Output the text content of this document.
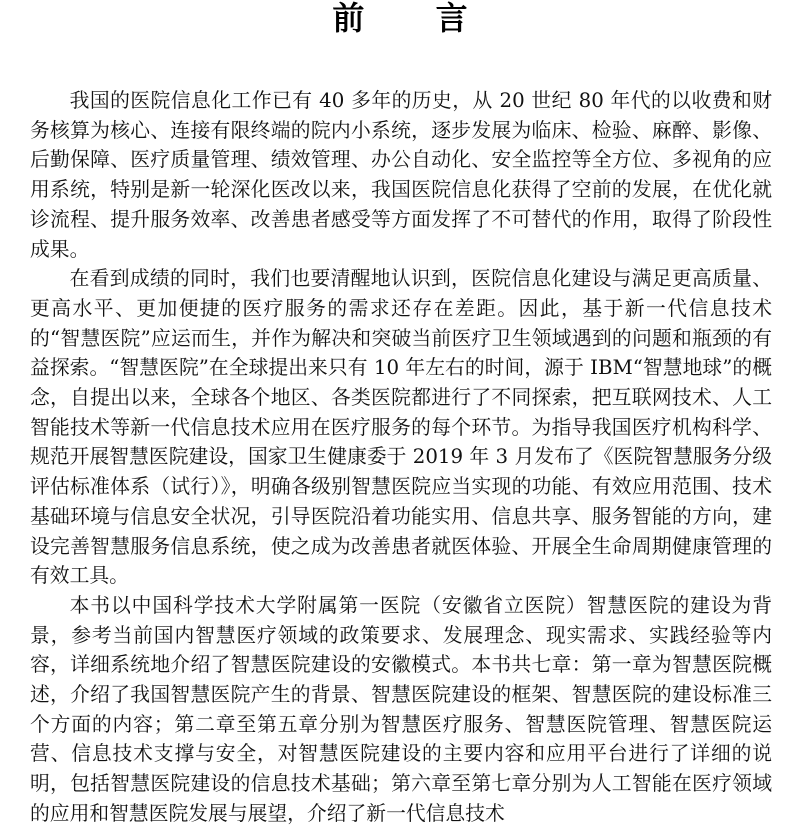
前 言

我国的医院信息化工作已有 40 多年的历史，从 20 世纪 80 年代的以收费和财务核算为核心、连接有限终端的院内小系统，逐步发展为临床、检验、麻醉、影像、后勤保障、医疗质量管理、绩效管理、办公自动化、安全监控等全方位、多视角的应用系统，特别是新一轮深化医改以来，我国医院信息化获得了空前的发展，在优化就诊流程、提升服务效率、改善患者感受等方面发挥了不可替代的作用，取得了阶段性成果。

在看到成绩的同时，我们也要清醒地认识到，医院信息化建设与满足更高质量、更高水平、更加便捷的医疗服务的需求还存在差距。因此，基于新一代信息技术的“智慧医院”应运而生，并作为解决和突破当前医疗卫生领域遇到的问题和瓶颈的有益探索。“智慧医院”在全球提出来只有 10 年左右的时间，源于 IBM“智慧地球”的概念，自提出以来，全球各个地区、各类医院都进行了不同探索，把互联网技术、人工智能技术等新一代信息技术应用在医疗服务的每个环节。为指导我国医疗机构科学、规范开展智慧医院建设，国家卫生健康委于 2019 年 3 月发布了《医院智慧服务分级评估标准体系（试行）》，明确各级别智慧医院应当实现的功能、有效应用范围、技术基础环境与信息安全状况，引导医院沿着功能实用、信息共享、服务智能的方向，建设完善智慧服务信息系统，使之成为改善患者就医体验、开展全生命周期健康管理的有效工具。

本书以中国科学技术大学附属第一医院（安徽省立医院）智慧医院的建设为背景，参考当前国内智慧医疗领域的政策要求、发展理念、现实需求、实践经验等内容，详细系统地介绍了智慧医院建设的安徽模式。本书共七章：第一章为智慧医院概述，介绍了我国智慧医院产生的背景、智慧医院建设的框架、智慧医院的建设标准三个方面的内容；第二章至第五章分别为智慧医疗服务、智慧医院管理、智慧医院运营、信息技术支撑与安全，对智慧医院建设的主要内容和应用平台进行了详细的说明，包括智慧医院建设的信息技术基础；第六章至第七章分别为人工智能在医疗领域的应用和智慧医院发展与展望，介绍了新一代信息技术
